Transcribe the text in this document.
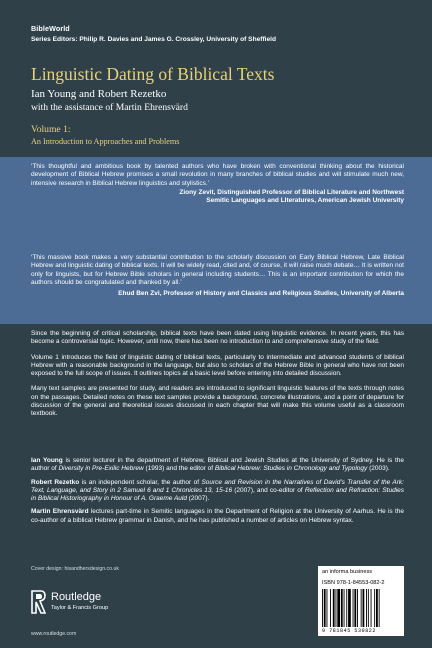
BibleWorld
Series Editors: Philip R. Davies and James G. Crossley, University of Sheffield
Linguistic Dating of Biblical Texts
Ian Young and Robert Rezetko
with the assistance of Martin Ehrensvärd
Volume 1:
An Introduction to Approaches and Problems
‘This thoughtful and ambitious book by talented authors who have broken with conventional thinking about the historical development of Biblical Hebrew promises a small revolution in many branches of biblical studies and will stimulate much new, intensive research in Biblical Hebrew linguistics and stylistics.’
Ziony Zevit, Distinguished Professor of Biblical Literature and Northwest
Semitic Languages and LIteratures, American Jewish University
‘This massive book makes a very substantial contribution to the scholarly discussion on Early Biblical Hebrew, Late Biblical Hebrew and linguistic dating of biblical texts. It will be widely read, cited and, of course, it will raise much debate… It is written not only for linguists, but for Hebrew Bible scholars in general including students… This is an important contribution for which the authors should be congratulated and thanked by all.’
Ehud Ben Zvi, Professor of History and Classics and Religious Studies, University of Alberta

Since the beginning of critical scholarship, biblical texts have been dated using linguistic evidence. In recent years, this has become a controversial topic. However, until now, there has been no introduction to and comprehensive study of the field.

Volume 1 introduces the field of linguistic dating of biblical texts, particularly to intermediate and advanced students of biblical Hebrew with a reasonable background in the language, but also to scholars of the Hebrew Bible in general who have not been exposed to the full scope of issues. It outlines topics at a basic level before entering into detailed discussion.

Many text samples are presented for study, and readers are introduced to significant linguistic features of the texts through notes on the passages. Detailed notes on these text samples provide a background, concrete illustrations, and a point of departure for discussion of the general and theoretical issues discussed in each chapter that will make this volume useful as a classroom textbook.

Ian Young is senior lecturer in the department of Hebrew, Biblical and Jewish Studies at the University of Sydney. He is the author of Diversity in Pre-Exilic Hebrew (1993) and the editor of Biblical Hebrew: Studies in Chronology and Typology (2003).

Robert Rezetko is an independent scholar, the author of Source and Revision in the Narratives of David’s Transfer of the Ark: Text, Language, and Story in 2 Samuel 6 and 1 Chronicles 13, 15-16 (2007), and co-editor of Reflection and Refraction: Studies in Biblical Historiography in Honour of A. Graeme Auld (2007).

Martin Ehrensvärd lectures part-time in Semitic languages in the Department of Religion at the University of Aarhus. He is the co-author of a biblical Hebrew grammar in Danish, and he has published a number of articles on Hebrew syntax.

Cover design: hisandhersdesign.co.uk
Routledge
Taylor & Francis Group
www.routledge.com
an informa business
ISBN 978-1-84553-082-2
9 781845 530822
